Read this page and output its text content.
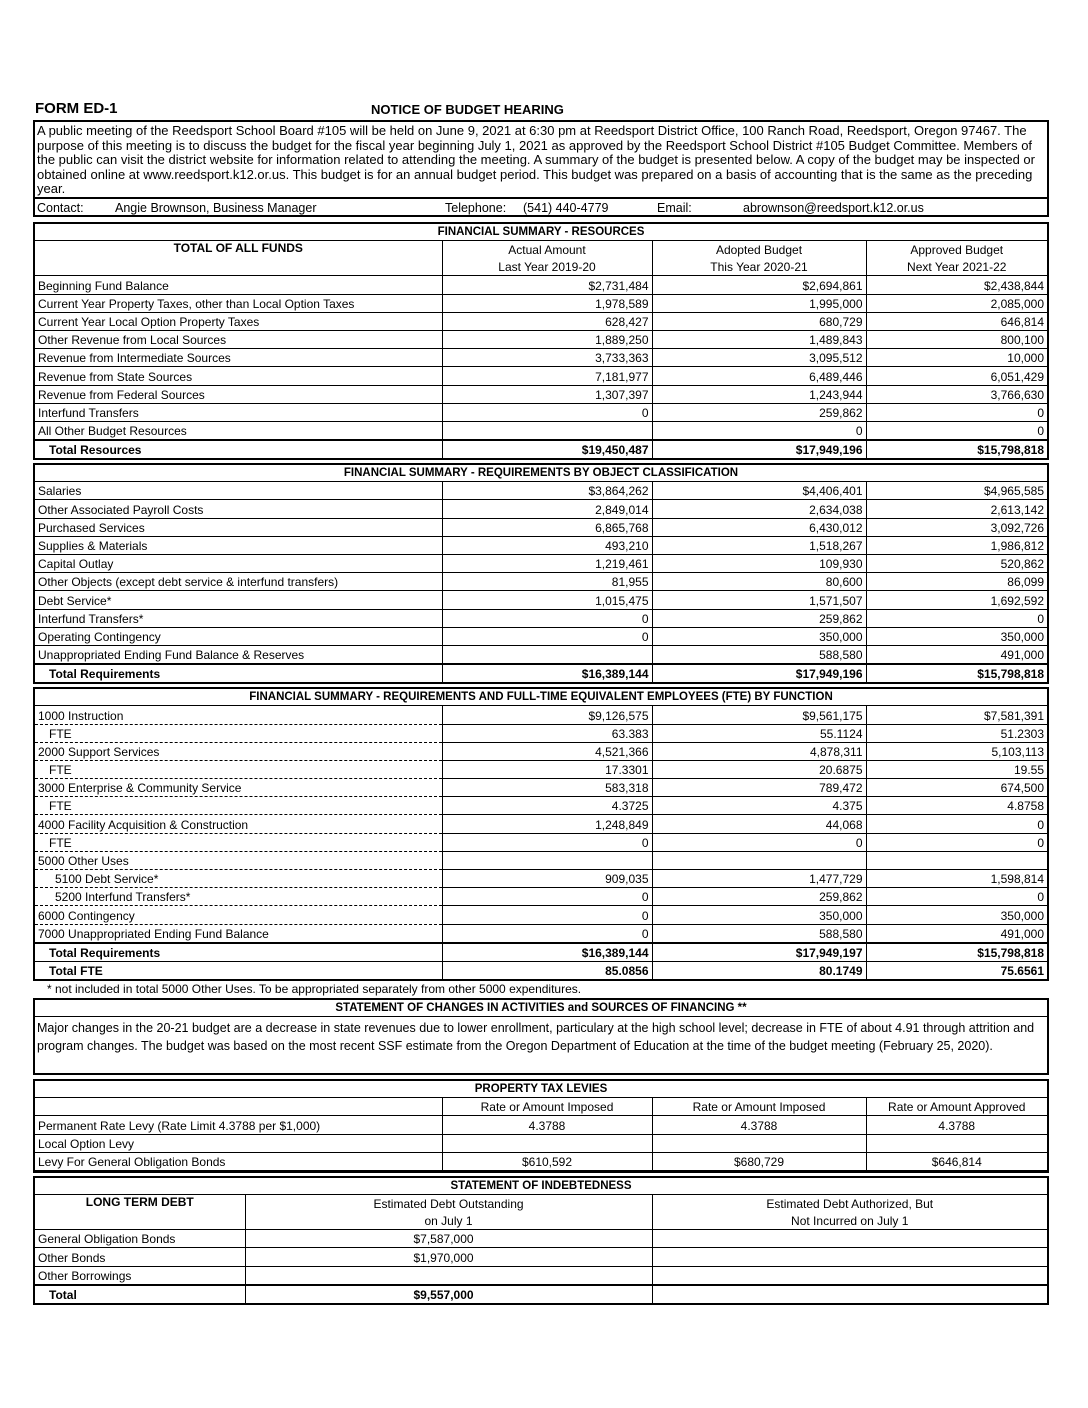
FORM ED-1	NOTICE OF BUDGET HEARING
A public meeting of the Reedsport School Board #105 will be held on June 9, 2021 at 6:30 pm at Reedsport District Office, 100 Ranch Road, Reedsport, Oregon 97467. The purpose of this meeting is to discuss the budget for the fiscal year beginning July 1, 2021 as approved by the Reedsport School District #105 Budget Committee. Members of the public can visit the district website for information related to attending the meeting. A summary of the budget is presented below. A copy of the budget may be inspected or obtained online at www.reedsport.k12.or.us. This budget is for an annual budget period. This budget was prepared on a basis of accounting that is the same as the preceding year.
Contact:	Angie Brownson, Business Manager	Telephone: (541) 440-4779	Email:	abrownson@reedsport.k12.or.us
FINANCIAL SUMMARY - RESOURCES			
TOTAL OF ALL FUNDS	Actual Amount	Adopted Budget	Approved Budget
	Last Year 2019-20	This Year 2020-21	Next Year 2021-22
Beginning Fund Balance	$2,731,484	$2,694,861	$2,438,844
Current Year Property Taxes, other than Local Option Taxes	1,978,589	1,995,000	2,085,000
Current Year Local Option Property Taxes	628,427	680,729	646,814
Other Revenue from Local Sources	1,889,250	1,489,843	800,100
Revenue from Intermediate Sources	3,733,363	3,095,512	10,000
Revenue from State Sources	7,181,977	6,489,446	6,051,429
Revenue from Federal Sources	1,307,397	1,243,944	3,766,630
Interfund Transfers	0	259,862	0
All Other Budget Resources		0	0
Total Resources	$19,450,487	$17,949,196	$15,798,818
FINANCIAL SUMMARY - REQUIREMENTS BY OBJECT CLASSIFICATION			
Salaries	$3,864,262	$4,406,401	$4,965,585
Other Associated Payroll Costs	2,849,014	2,634,038	2,613,142
Purchased Services	6,865,768	6,430,012	3,092,726
Supplies & Materials	493,210	1,518,267	1,986,812
Capital Outlay	1,219,461	109,930	520,862
Other Objects (except debt service & interfund transfers)	81,955	80,600	86,099
Debt Service*	1,015,475	1,571,507	1,692,592
Interfund Transfers*	0	259,862	0
Operating Contingency	0	350,000	350,000
Unappropriated Ending Fund Balance & Reserves		588,580	491,000
Total Requirements	$16,389,144	$17,949,196	$15,798,818
FINANCIAL SUMMARY - REQUIREMENTS AND FULL-TIME EQUIVALENT EMPLOYEES (FTE) BY FUNCTION			
1000 Instruction	$9,126,575	$9,561,175	$7,581,391
FTE	63.383	55.1124	51.2303
2000 Support Services	4,521,366	4,878,311	5,103,113
FTE	17.3301	20.6875	19.55
3000 Enterprise & Community Service	583,318	789,472	674,500
FTE	4.3725	4.375	4.8758
4000 Facility Acquisition & Construction	1,248,849	44,068	0
FTE	0	0	0
5000 Other Uses			
5100 Debt Service*	909,035	1,477,729	1,598,814
5200 Interfund Transfers*	0	259,862	0
6000 Contingency	0	350,000	350,000
7000 Unappropriated Ending Fund Balance	0	588,580	491,000
Total Requirements	$16,389,144	$17,949,197	$15,798,818
Total FTE	85.0856	80.1749	75.6561
* not included in total 5000 Other Uses. To be appropriated separately from other 5000 expenditures.
STATEMENT OF CHANGES IN ACTIVITIES and SOURCES OF FINANCING **
Major changes in the 20-21 budget are a decrease in state revenues due to lower enrollment, particulary at the high school level; decrease in FTE of about 4.91 through attrition and program changes. The budget was based on the most recent SSF estimate from the Oregon Department of Education at the time of the budget meeting (February 25, 2020).
PROPERTY TAX LEVIES			
	Rate or Amount Imposed	Rate or Amount Imposed	Rate or Amount Approved
Permanent Rate Levy (Rate Limit 4.3788 per $1,000)	4.3788	4.3788	4.3788
Local Option Levy			
Levy For General Obligation Bonds	$610,592	$680,729	$646,814
STATEMENT OF INDEBTEDNESS		
LONG TERM DEBT	Estimated Debt Outstanding	Estimated Debt Authorized, But
	on July 1	Not Incurred on July 1
General Obligation Bonds	$7,587,000	
Other Bonds	$1,970,000	
Other Borrowings		
Total	$9,557,000	
